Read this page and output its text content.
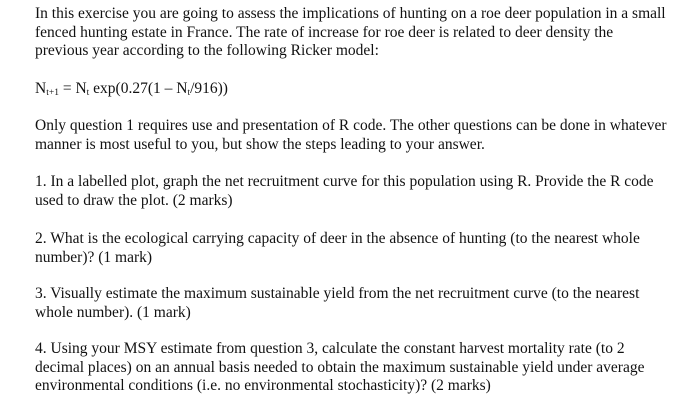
In this exercise you are going to assess the implications of hunting on a roe deer population in a small fenced hunting estate in France. The rate of increase for roe deer is related to deer density the previous year according to the following Ricker model:

$N_{t+1} = N_t$ $\exp(0.27(1 - N_t/916))$

Only question 1 requires use and presentation of R code. The other questions can be done in whatever manner is most useful to you, but show the steps leading to your answer.

1. In a labelled plot, graph the net recruitment curve for this population using R. Provide the R code used to draw the plot. (2 marks)

2. What is the ecological carrying capacity of deer in the absence of hunting (to the nearest whole number)? (1 mark)

3. Visually estimate the maximum sustainable yield from the net recruitment curve (to the nearest whole number). (1 mark)

4. Using your MSY estimate from question 3, calculate the constant harvest mortality rate (to 2 decimal places) on an annual basis needed to obtain the maximum sustainable yield under average environmental conditions (i.e. no environmental stochasticity)? (2 marks)
